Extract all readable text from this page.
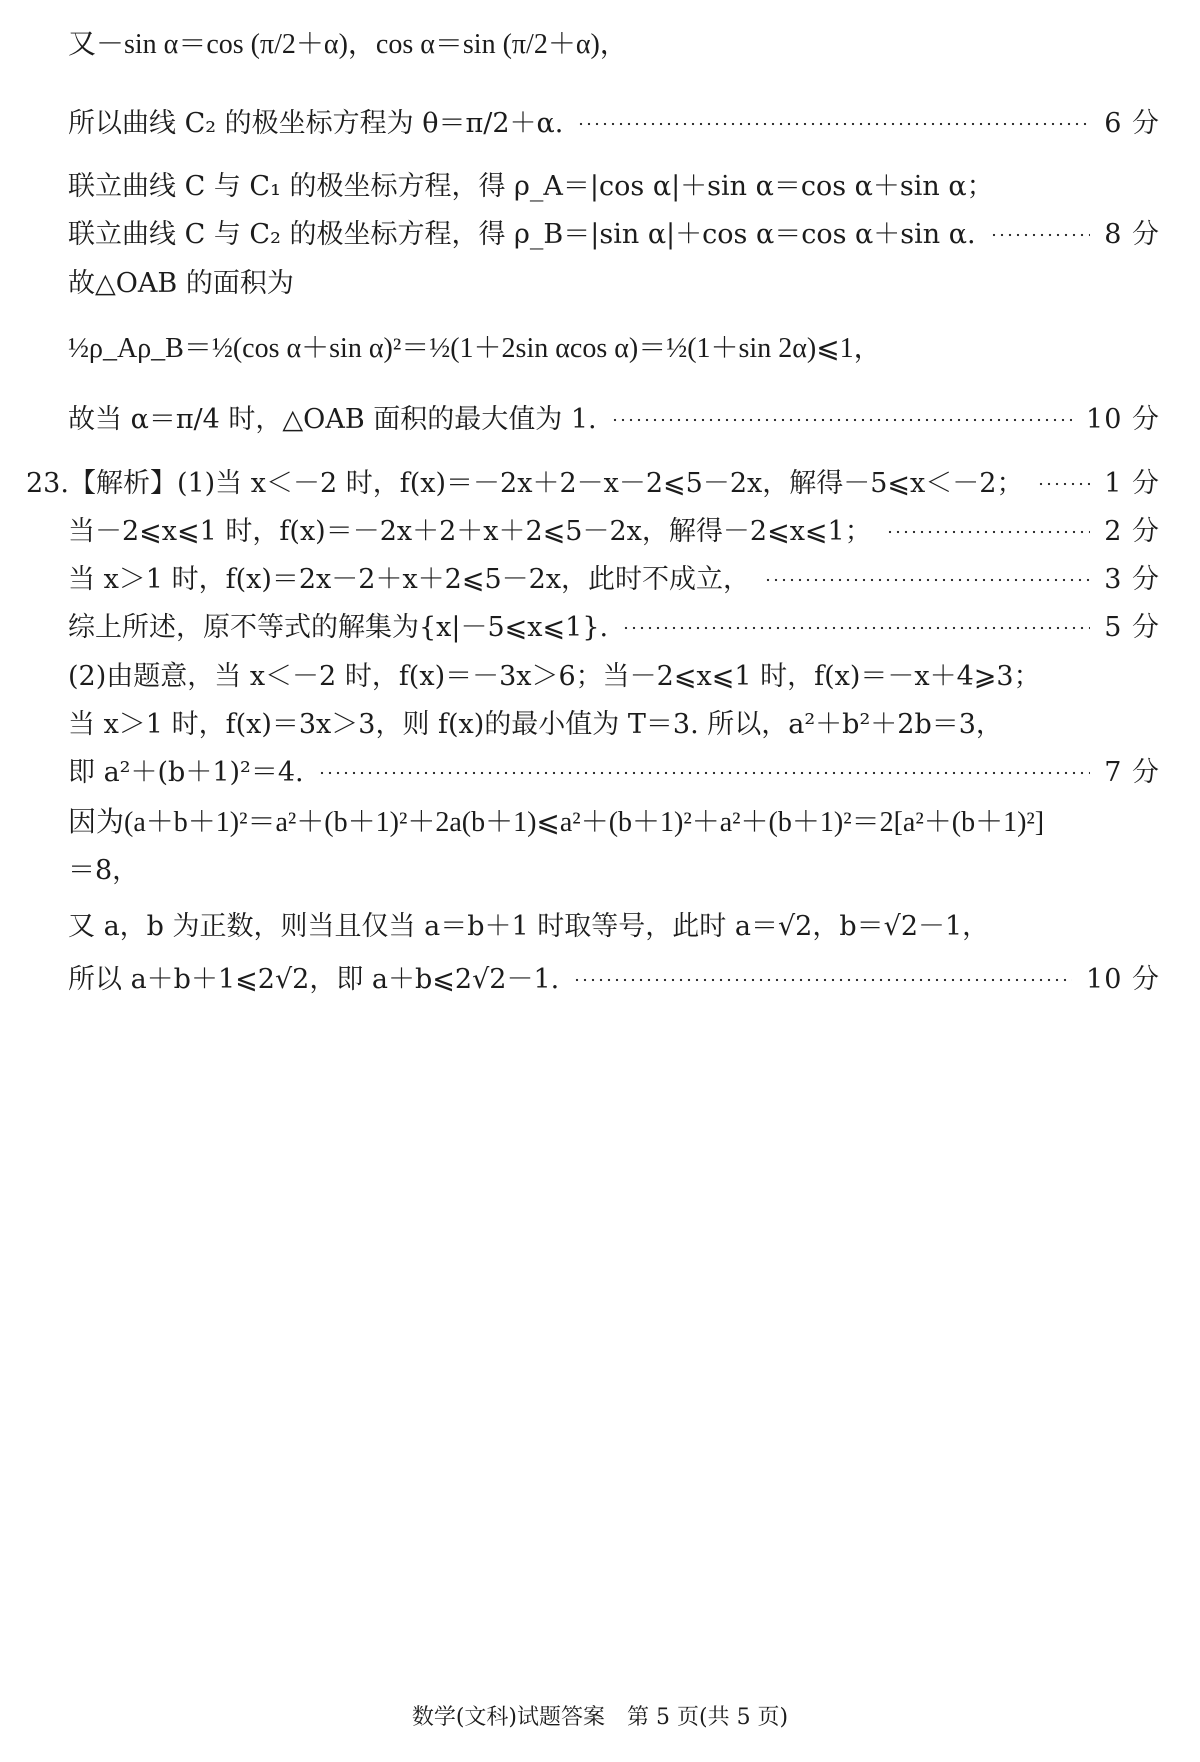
又－sin α＝cos (π/2＋α)，cos α＝sin (π/2＋α)，
所以曲线 C₂ 的极坐标方程为 θ＝π/2＋α.	6 分
联立曲线 C 与 C₁ 的极坐标方程，得 ρ_A＝|cos α|＋sin α＝cos α＋sin α；
联立曲线 C 与 C₂ 的极坐标方程，得 ρ_B＝|sin α|＋cos α＝cos α＋sin α.	8 分
故△OAB 的面积为
½ρ_Aρ_B＝½(cos α＋sin α)²＝½(1＋2sin αcos α)＝½(1＋sin 2α)⩽1，
故当 α＝π/4 时，△OAB 面积的最大值为 1.	10 分
23.【解析】(1)当 x＜－2 时，f(x)＝－2x＋2－x－2⩽5－2x，解得－5⩽x＜－2；	1 分
当－2⩽x⩽1 时，f(x)＝－2x＋2＋x＋2⩽5－2x，解得－2⩽x⩽1；	2 分
当 x＞1 时，f(x)＝2x－2＋x＋2⩽5－2x，此时不成立，	3 分
综上所述，原不等式的解集为{x|－5⩽x⩽1}.	5 分
(2)由题意，当 x＜－2 时，f(x)＝－3x＞6；当－2⩽x⩽1 时，f(x)＝－x＋4⩾3；
当 x＞1 时，f(x)＝3x＞3，则 f(x)的最小值为 T＝3. 所以，a²＋b²＋2b＝3，
即 a²＋(b＋1)²＝4.	7 分
因为(a＋b＋1)²＝a²＋(b＋1)²＋2a(b＋1)⩽a²＋(b＋1)²＋a²＋(b＋1)²＝2[a²＋(b＋1)²]
＝8，
又 a，b 为正数，则当且仅当 a＝b＋1 时取等号，此时 a＝√2，b＝√2－1，
所以 a＋b＋1⩽2√2，即 a＋b⩽2√2－1.	10 分
数学(文科)试题答案　第 5 页(共 5 页)
